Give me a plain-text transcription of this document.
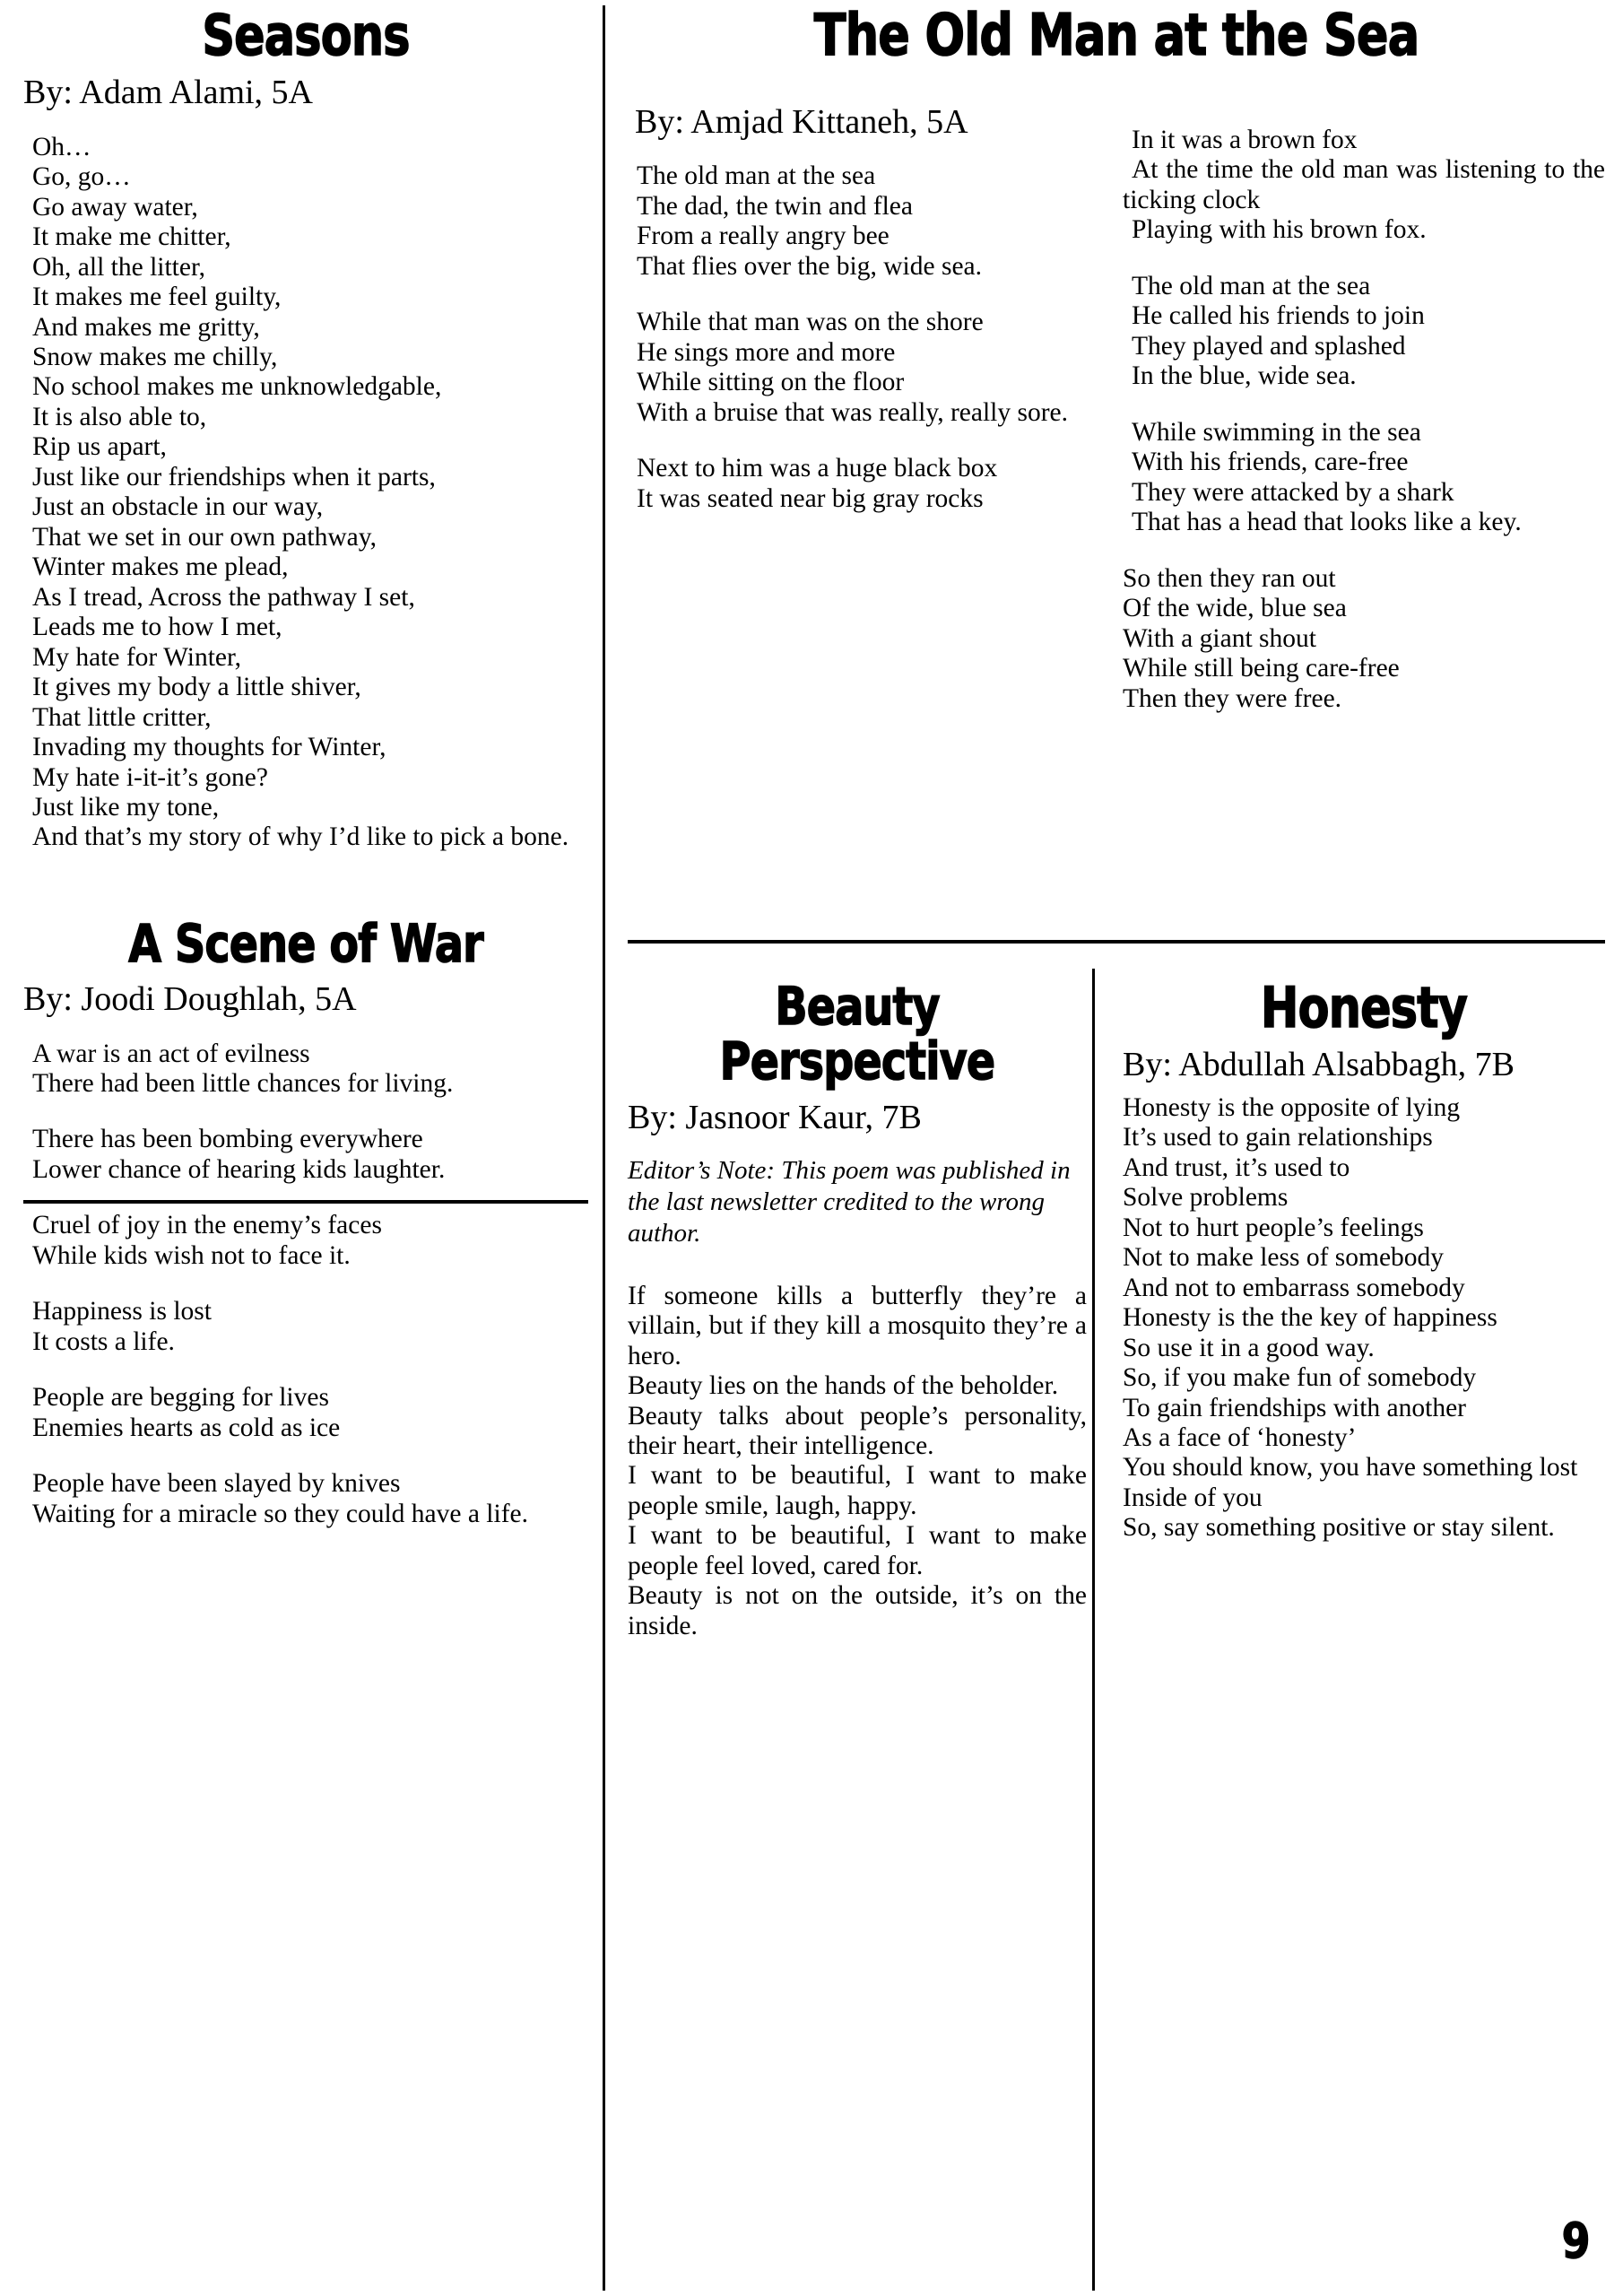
Seasons
By: Adam Alami, 5A

Oh…

Go, go…

Go away water,

It make me chitter,

Oh, all the litter,

It makes me feel guilty,

And makes me gritty,

Snow makes me chilly,

No school makes me unknowledgable,

It is also able to,

Rip us apart,

Just like our friendships when it parts,

Just an obstacle in our way,

That we set in our own pathway,

Winter makes me plead,

As I tread, Across the pathway I set,

Leads me to how I met,

My hate for Winter,

It gives my body a little shiver,

That little critter,

Invading my thoughts for Winter,

My hate i-it-it’s gone?

Just like my tone,

And that’s my story of why I’d like to pick a bone.

A Scene of War
By: Joodi Doughlah, 5A

A war is an act of evilness

There had been little chances for living.

There has been bombing everywhere

Lower chance of hearing kids laughter.

Cruel of joy in the enemy’s faces

While kids wish not to face it.

Happiness is lost

It costs a life.

People are begging for lives

Enemies hearts as cold as ice

People have been slayed by knives

Waiting for a miracle so they could have a life.

The Old Man at the Sea
By: Amjad Kittaneh, 5A

The old man at the sea

The dad, the twin and flea

From a really angry bee

That flies over the big, wide sea.

While that man was on the shore

He sings more and more

While sitting on the floor

With a bruise that was really, really sore.

Next to him was a huge black box

It was seated near big gray rocks

In it was a brown fox

At the time the old man was listening to the ticking clock

Playing with his brown fox.

The old man at the sea

He called his friends to join

They played and splashed

In the blue, wide sea.

While swimming in the sea

With his friends, care-free

They were attacked by a shark

That has a head that looks like a key.

So then they ran out

Of the wide, blue sea

With a giant shout

While still being care-free

Then they were free.

Beauty
Perspective
By: Jasnoor Kaur, 7B
Editor’s Note: This poem was published in the last newsletter credited to the wrong author.

If someone kills a butterfly they’re a villain, but if they kill a mosquito they’re a hero.

Beauty lies on the hands of the beholder.

Beauty talks about people’s personality, their heart, their intelligence.

I want to be beautiful, I want to make people smile, laugh, happy.

I want to be beautiful, I want to make people feel loved, cared for.

Beauty is not on the outside, it’s on the inside.

Honesty
By: Abdullah Alsabbagh, 7B

Honesty is the opposite of lying

It’s used to gain relationships

And trust, it’s used to

Solve problems

Not to hurt people’s feelings

Not to make less of somebody

And not to embarrass somebody

Honesty is the the key of happiness

So use it in a good way.

So, if you make fun of somebody

To gain friendships with another

As a face of ‘honesty’

You should know, you have something lost

Inside of you

So, say something positive or stay silent.

9
